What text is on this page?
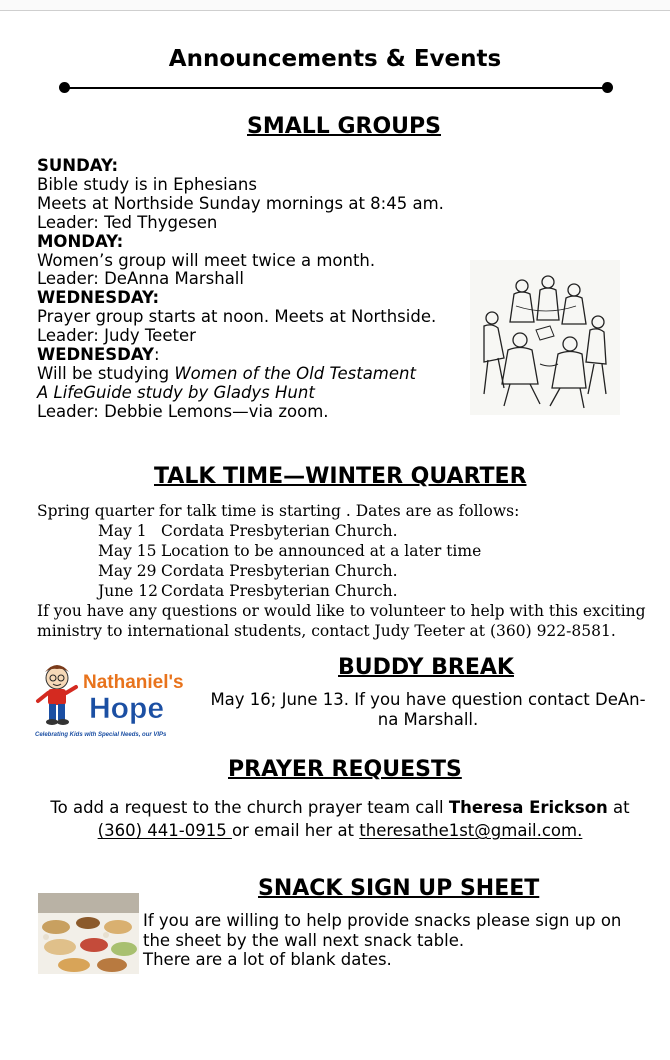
Announcements & Events
SMALL GROUPS
SUNDAY:
Bible study is in Ephesians
Meets at Northside Sunday mornings at 8:45 am.
Leader: Ted Thygesen
MONDAY:
Women’s group will meet twice a month.
Leader: DeAnna Marshall
WEDNESDAY:
Prayer group starts at noon. Meets at Northside.
Leader: Judy Teeter
WEDNESDAY:
Will be studying Women of the Old Testament
A LifeGuide study by Gladys Hunt
Leader: Debbie Lemons—via zoom.
TALK TIME—WINTER QUARTER
Spring quarter for talk time is starting . Dates are as follows:
May 1 Cordata Presbyterian Church.
May 15 Location to be announced at a later time
May 29 Cordata Presbyterian Church.
June 12 Cordata Presbyterian Church.
If you have any questions or would like to volunteer to help with this exciting
ministry to international students, contact Judy Teeter at (360) 922-8581.
Nathaniel's
Hope
Celebrating Kids with Special Needs, our VIPs
BUDDY BREAK
May 16; June 13. If you have question contact DeAn-
na Marshall.
PRAYER REQUESTS
To add a request to the church prayer team call Theresa Erickson at
(360) 441-0915 or email her at theresathe1st@gmail.com.
SNACK SIGN UP SHEET
If you are willing to help provide snacks please sign up on
the sheet by the wall next snack table.
There are a lot of blank dates.
